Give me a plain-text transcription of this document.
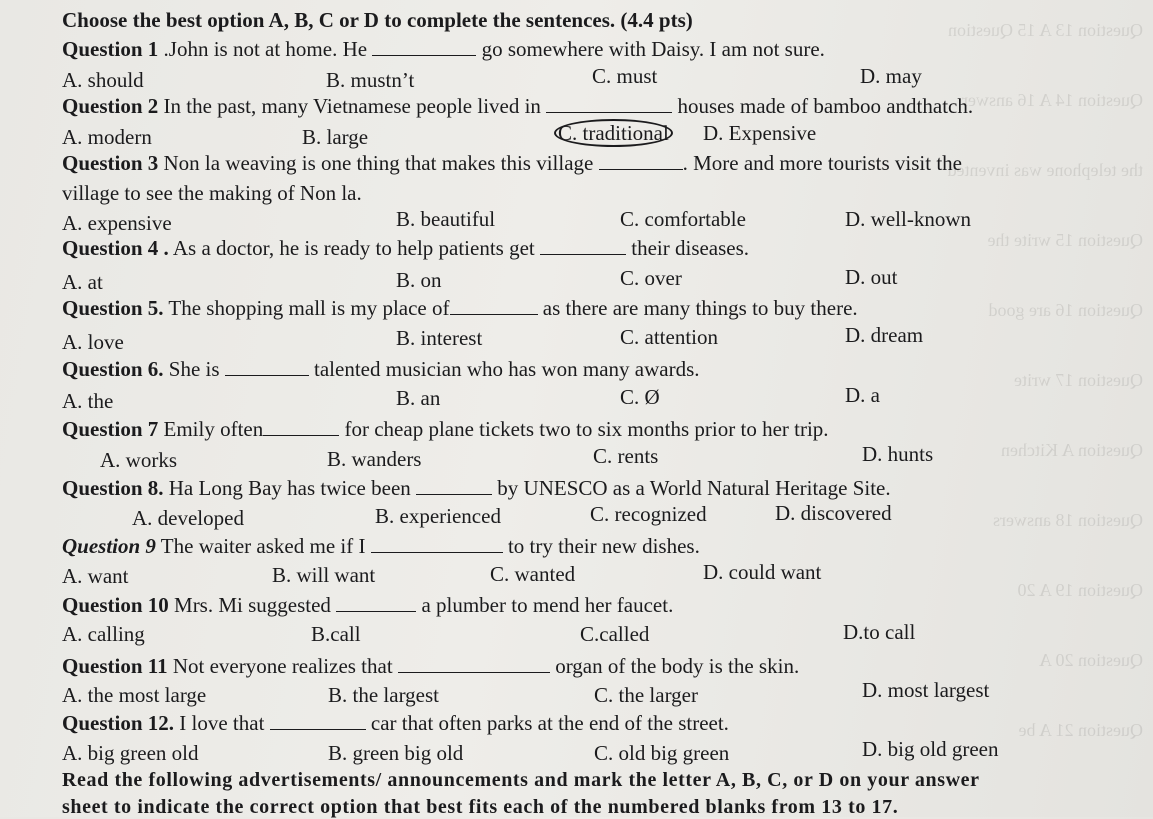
Question 13 A 15 Question
Question 14 A 16 answer
the telephone was invented
Question 15 write the
Question 16 are good
Question 17 write
Question A Kitchen
Question 18 answers
Question 19 A 20
Question 20 A
Question 21 A be
Choose the best option A, B, C or D to complete the sentences. (4.4 pts)
Question 1 .John is not at home. He	go somewhere with Daisy. I am not sure.
A. should	B. mustn’t	C. must	D. may
Question 2 In the past, many Vietnamese people lived in	houses made of bamboo andthatch.
A. modern	B. large	C. traditional D. Expensive
Question 3 Non la weaving is one thing that makes this village	. More and more tourists visit the
village to see the making of Non la.
A. expensive	B. beautiful	C. comfortable	D. well-known
Question 4 . As a doctor, he is ready to help patients get	their diseases.
A. at	B. on	C. over	D. out
Question 5. The shopping mall is my place of	as there are many things to buy there.
A. love	B. interest	C. attention	D. dream
Question 6. She is	talented musician who has won many awards.
A. the	B. an	C. Ø	D. a
Question 7 Emily often	for cheap plane tickets two to six months prior to her trip.
A. works	B. wanders	C. rents	D. hunts
Question 8. Ha Long Bay has twice been	by UNESCO as a World Natural Heritage Site.
A. developed	B. experienced	C. recognized	D. discovered
Question 9 The waiter asked me if I	to try their new dishes.
A. want	B. will want	C. wanted	D. could want
Question 10 Mrs. Mi suggested	a plumber to mend her faucet.
A. calling	B.call	C.called	D.to call
Question 11 Not everyone realizes that	organ of the body is the skin.
A. the most large	B. the largest	C. the larger	D. most largest
Question 12. I love that	car that often parks at the end of the street.
A. big green old	B. green big old	C. old big green	D. big old green
Read the following advertisements/ announcements and mark the letter A, B, C, or D on your answer
sheet to indicate the correct option that best fits each of the numbered blanks from 13 to 17.
